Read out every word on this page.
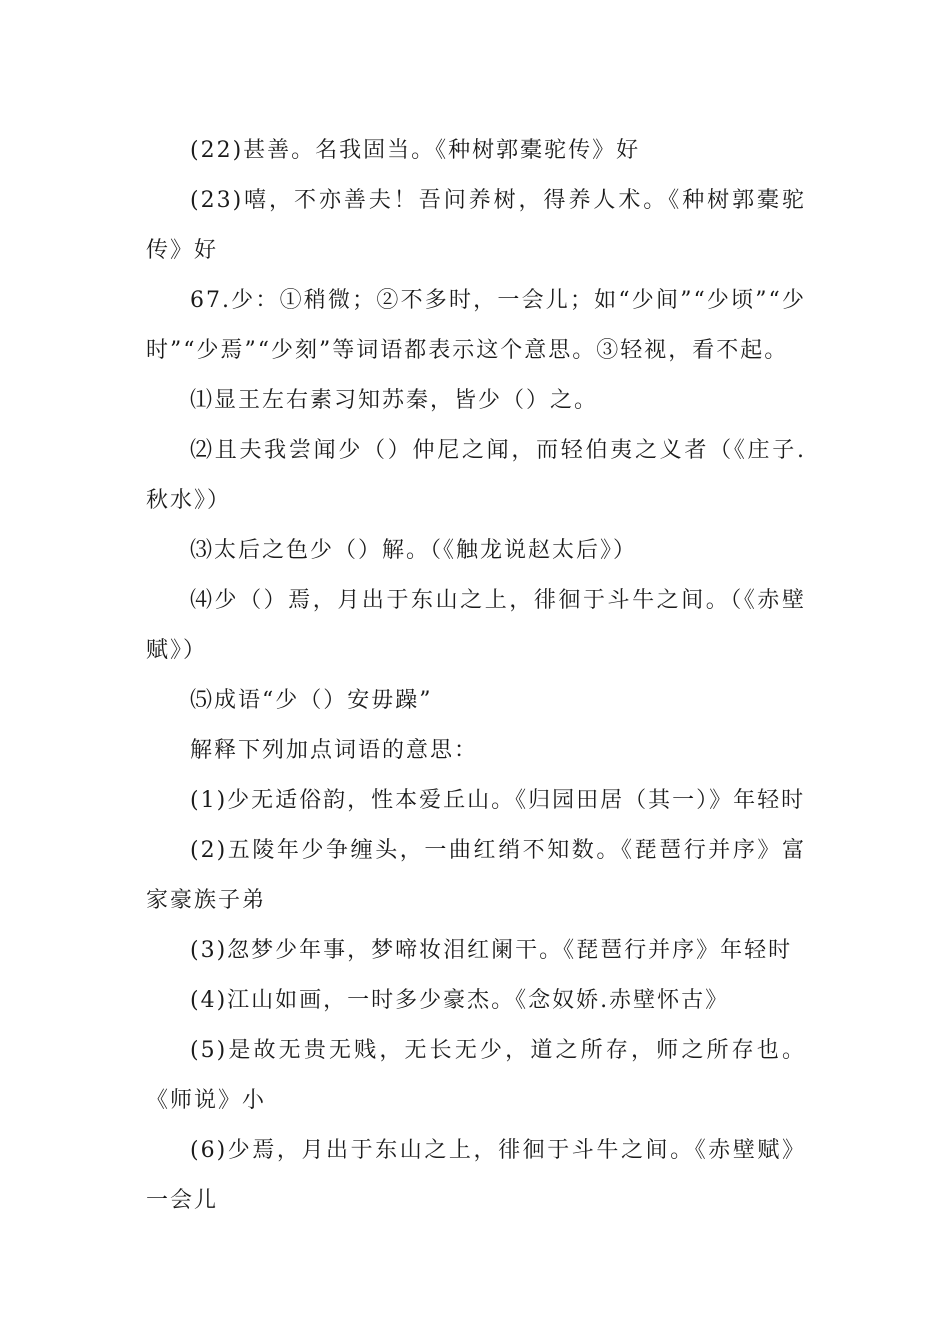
(22)甚善。名我固当。《种树郭橐驼传》好

(23)嘻，不亦善夫！吾问养树，得养人术。《种树郭橐驼传》好

67.少：①稍微；②不多时，一会儿；如“少间”“少顷”“少时”“少焉”“少刻”等词语都表示这个意思。③轻视，看不起。

⑴显王左右素习知苏秦，皆少（）之。

⑵且夫我尝闻少（）仲尼之闻，而轻伯夷之义者（《庄子.秋水》）

⑶太后之色少（）解。（《触龙说赵太后》）

⑷少（）焉，月出于东山之上，徘徊于斗牛之间。（《赤壁赋》）

⑸成语“少（）安毋躁”

解释下列加点词语的意思：

(1)少无适俗韵，性本爱丘山。《归园田居（其一）》年轻时

(2)五陵年少争缠头，一曲红绡不知数。《琵琶行并序》富家豪族子弟

(3)忽梦少年事，梦啼妆泪红阑干。《琵琶行并序》年轻时

(4)江山如画，一时多少豪杰。《念奴娇.赤壁怀古》

(5)是故无贵无贱，无长无少，道之所存，师之所存也。《师说》小

(6)少焉，月出于东山之上，徘徊于斗牛之间。《赤壁赋》一会儿
